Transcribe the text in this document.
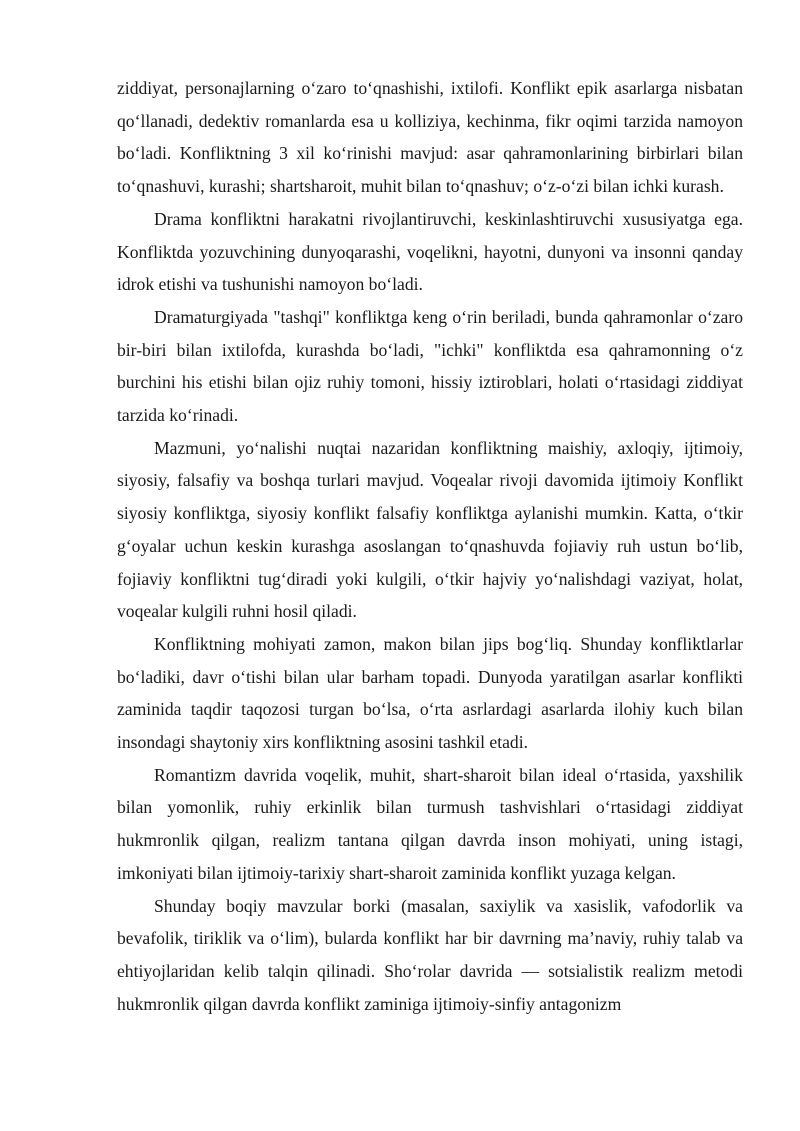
ziddiyat, personajlarning o‘zaro to‘qnashishi, ixtilofi. Konflikt epik asarlarga nisbatan qo‘llanadi, dedektiv romanlarda esa u kolliziya, kechinma, fikr oqimi tarzida namoyon bo‘ladi. Konfliktning 3 xil ko‘rinishi mavjud: asar qahramonlarining birbirlari bilan to‘qnashuvi, kurashi; shartsharoit, muhit bilan to‘qnashuv; o‘z-o‘zi bilan ichki kurash.

Drama konfliktni harakatni rivojlantiruvchi, keskinlashtiruvchi xususiyatga ega. Konfliktda yozuvchining dunyoqarashi, voqelikni, hayotni, dunyoni va insonni qanday idrok etishi va tushunishi namoyon bo‘ladi.

Dramaturgiyada "tashqi" konfliktga keng o‘rin beriladi, bunda qahramonlar o‘zaro bir-biri bilan ixtilofda, kurashda bo‘ladi, "ichki" konfliktda esa qahramonning o‘z burchini his etishi bilan ojiz ruhiy tomoni, hissiy iztiroblari, holati o‘rtasidagi ziddiyat tarzida ko‘rinadi.

Mazmuni, yo‘nalishi nuqtai nazaridan konfliktning maishiy, axloqiy, ijtimoiy, siyosiy, falsafiy va boshqa turlari mavjud. Voqealar rivoji davomida ijtimoiy Konflikt siyosiy konfliktga, siyosiy konflikt falsafiy konfliktga aylanishi mumkin. Katta, o‘tkir g‘oyalar uchun keskin kurashga asoslangan to‘qnashuvda fojiaviy ruh ustun bo‘lib, fojiaviy konfliktni tug‘diradi yoki kulgili, o‘tkir hajviy yo‘nalishdagi vaziyat, holat, voqealar kulgili ruhni hosil qiladi.

Konfliktning mohiyati zamon, makon bilan jips bog‘liq. Shunday konfliktlarlar bo‘ladiki, davr o‘tishi bilan ular barham topadi. Dunyoda yaratilgan asarlar konflikti zaminida taqdir taqozosi turgan bo‘lsa, o‘rta asrlardagi asarlarda ilohiy kuch bilan insondagi shaytoniy xirs konfliktning asosini tashkil etadi.

Romantizm davrida voqelik, muhit, shart-sharoit bilan ideal o‘rtasida, yaxshilik bilan yomonlik, ruhiy erkinlik bilan turmush tashvishlari o‘rtasidagi ziddiyat hukmronlik qilgan, realizm tantana qilgan davrda inson mohiyati, uning istagi, imkoniyati bilan ijtimoiy-tarixiy shart-sharoit zaminida konflikt yuzaga kelgan.

Shunday boqiy mavzular borki (masalan, saxiylik va xasislik, vafodorlik va bevafolik, tiriklik va o‘lim), bularda konflikt har bir davrning ma’naviy, ruhiy talab va ehtiyojlaridan kelib talqin qilinadi. Sho‘rolar davrida — sotsialistik realizm metodi hukmronlik qilgan davrda konflikt zaminiga ijtimoiy-sinfiy antagonizm
